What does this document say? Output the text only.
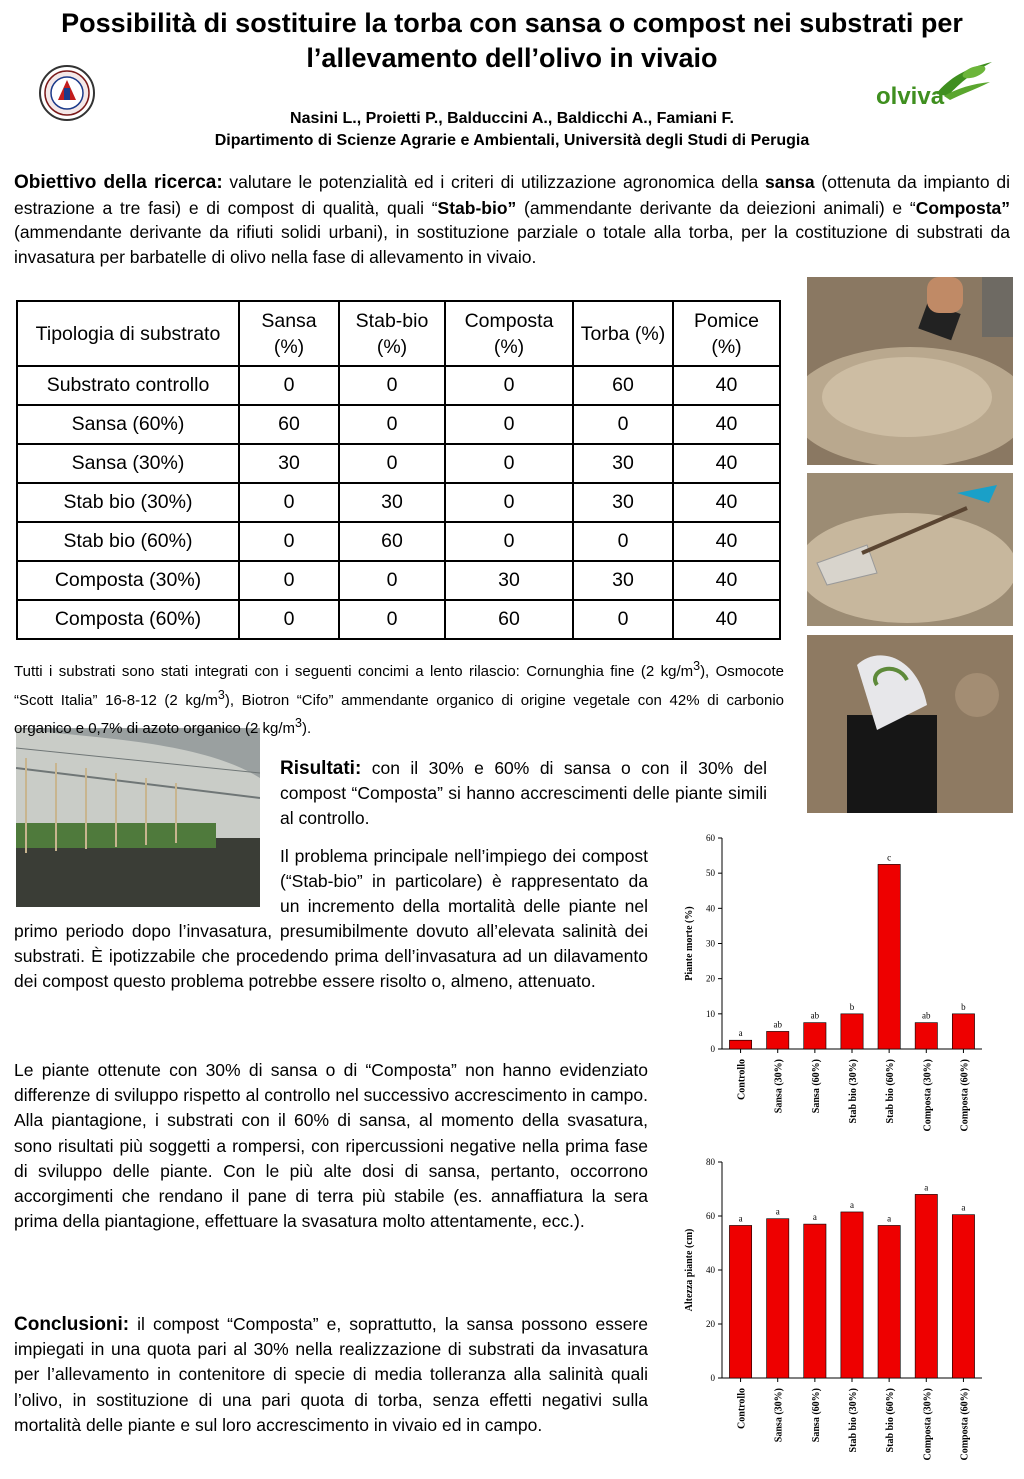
Possibilità di sostituire la torba con sansa o compost nei substrati per l’allevamento dell’olivo in vivaio
olviva
Nasini L., Proietti P., Balduccini A., Baldicchi A., Famiani F.
Dipartimento di Scienze Agrarie e Ambientali, Università degli Studi di Perugia
Obiettivo della ricerca: valutare le potenzialità ed i criteri di utilizzazione agronomica della sansa (ottenuta da impianto di estrazione a tre fasi) e di compost di qualità, quali “Stab-bio” (ammendante derivante da deiezioni animali) e “Composta” (ammendante derivante da rifiuti solidi urbani), in sostituzione parziale o totale alla torba, per la costituzione di substrati da invasatura per barbatelle di olivo nella fase di allevamento in vivaio.
Tipologia di substrato	Sansa (%)	Stab-bio (%)	Composta (%)	Torba (%)	Pomice (%)
Substrato controllo	0	0	0	60	40
Sansa (60%)	60	0	0	0	40
Sansa (30%)	30	0	0	30	40
Stab bio (30%)	0	30	0	30	40
Stab bio (60%)	0	60	0	0	40
Composta (30%)	0	0	30	30	40
Composta (60%)	0	0	60	0	40
Tutti i substrati sono stati integrati con i seguenti concimi a lento rilascio: Cornunghia fine (2 $kg/m^3$), Osmocote “Scott Italia” 16-8-12 (2 $kg/m^3$), Biotron “Cifo” ammendante organico di origine vegetale con 42% di carbonio organico e 0,7% di azoto organico (2 $kg/m^3$).
Risultati: con il 30% e 60% di sansa o con il 30% del compost “Composta” si hanno accrescimenti delle piante simili al controllo.
Il problema principale nell’impiego dei compost (“Stab-bio” in particolare) è rappresentato da un incremento della mortalità delle piante nel primo periodo dopo l’invasatura, presumibilmente dovuto all’elevata salinità dei substrati. È ipotizzabile che procedendo prima dell’invasatura ad un dilavamento dei compost questo problema potrebbe essere risolto o, almeno, attenuato.
Le piante ottenute con 30% di sansa o di “Composta” non hanno evidenziato differenze di sviluppo rispetto al controllo nel successivo accrescimento in campo. Alla piantagione, i substrati con il 60% di sansa, al momento della svasatura, sono risultati più soggetti a rompersi, con ripercussioni negative nella prima fase di sviluppo delle piante. Con le più alte dosi di sansa, pertanto, occorrono accorgimenti che rendano il pane di terra più stabile (es. annaffiatura la sera prima della piantagione, effettuare la svasatura molto attentamente, ecc.).
Conclusioni: il compost “Composta” e, soprattutto, la sansa possono essere impiegati in una quota pari al 30% nella realizzazione di substrati da invasatura per l’allevamento in contenitore di specie di media tolleranza alla salinità quali l’olivo, in sostituzione di una pari quota di torba, senza effetti negativi sulla mortalità delle piante e sul loro accrescimento in vivaio ed in campo.
0
10
20
30
40
50
60
Piante morte (%)
a
Controllo
ab
Sansa (30%)
ab
Sansa (60%)
b
Stab bio (30%)
c
Stab bio (60%)
ab
Composta (30%)
b
Composta (60%)
0
20
40
60
80
Altezza piante (cm)
a
Controllo
a
Sansa (30%)
a
Sansa (60%)
a
Stab bio (30%)
a
Stab bio (60%)
a
Composta (30%)
a
Composta (60%)
